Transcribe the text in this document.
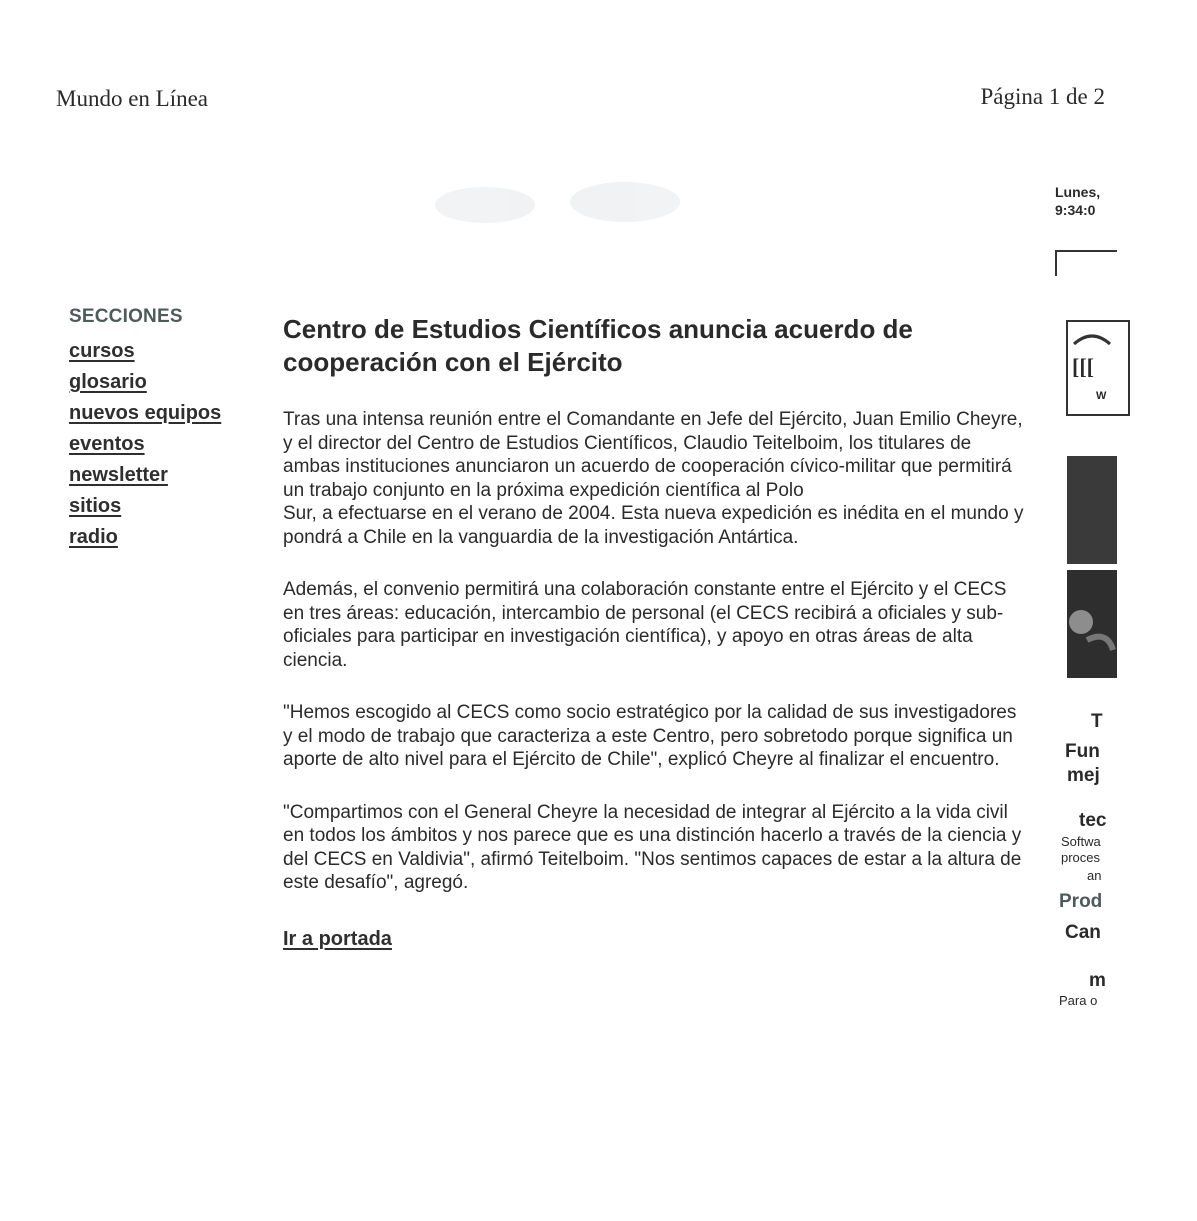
Mundo en Línea	Página 1 de 2
SECCIONES
cursos
glosario
nuevos equipos
eventos
newsletter
sitios
radio
Centro de Estudios Científicos anuncia acuerdo de cooperación con el Ejército

Tras una intensa reunión entre el Comandante en Jefe del Ejército, Juan Emilio Cheyre, y el director del Centro de Estudios Científicos, Claudio Teitelboim, los titulares de ambas instituciones anunciaron un acuerdo de cooperación cívico-militar que permitirá un trabajo conjunto en la próxima expedición científica al Polo

Sur, a efectuarse en el verano de 2004. Esta nueva expedición es inédita en el mundo y pondrá a Chile en la vanguardia de la investigación Antártica.

Además, el convenio permitirá una colaboración constante entre el Ejército y el CECS en tres áreas: educación, intercambio de personal (el CECS recibirá a oficiales y sub-oficiales para participar en investigación científica), y apoyo en otras áreas de alta ciencia.

"Hemos escogido al CECS como socio estratégico por la calidad de sus investigadores y el modo de trabajo que caracteriza a este Centro, pero sobretodo porque significa un aporte de alto nivel para el Ejército de Chile", explicó Cheyre al finalizar el encuentro.

"Compartimos con el General Cheyre la necesidad de integrar al Ejército a la vida civil en todos los ámbitos y nos parece que es una distinción hacerlo a través de la ciencia y del CECS en Valdivia", afirmó Teitelboim. "Nos sentimos capaces de estar a la altura de este desafío", agregó.

Ir a portada
Lunes,
9:34:0
[[[
W
T
Fun
mej
tec
Softwa
proces
an
Prod
Can
m
Para o
